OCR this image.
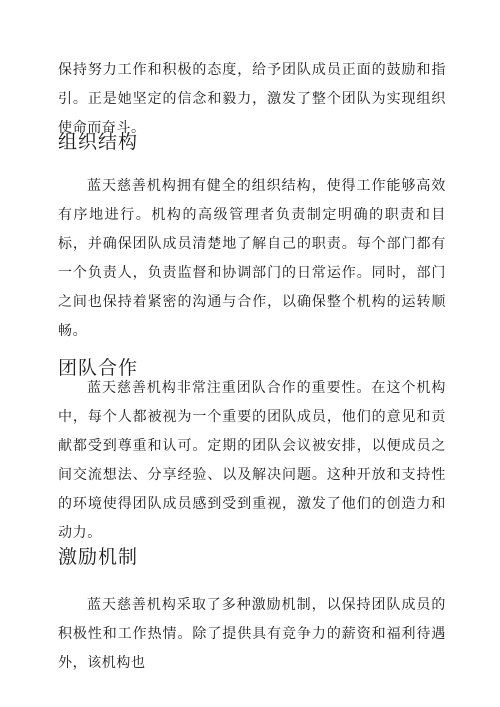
保持努力工作和积极的态度，给予团队成员正面的鼓励和指引。正是她坚定的信念和毅力，激发了整个团队为实现组织使命而奋斗。

组织结构

蓝天慈善机构拥有健全的组织结构，使得工作能够高效有序地进行。机构的高级管理者负责制定明确的职责和目标，并确保团队成员清楚地了解自己的职责。每个部门都有一个负责人，负责监督和协调部门的日常运作。同时，部门之间也保持着紧密的沟通与合作，以确保整个机构的运转顺畅。

团队合作

蓝天慈善机构非常注重团队合作的重要性。在这个机构中，每个人都被视为一个重要的团队成员，他们的意见和贡献都受到尊重和认可。定期的团队会议被安排，以便成员之间交流想法、分享经验、以及解决问题。这种开放和支持性的环境使得团队成员感到受到重视，激发了他们的创造力和动力。

激励机制

蓝天慈善机构采取了多种激励机制，以保持团队成员的积极性和工作热情。除了提供具有竞争力的薪资和福利待遇外，该机构也
